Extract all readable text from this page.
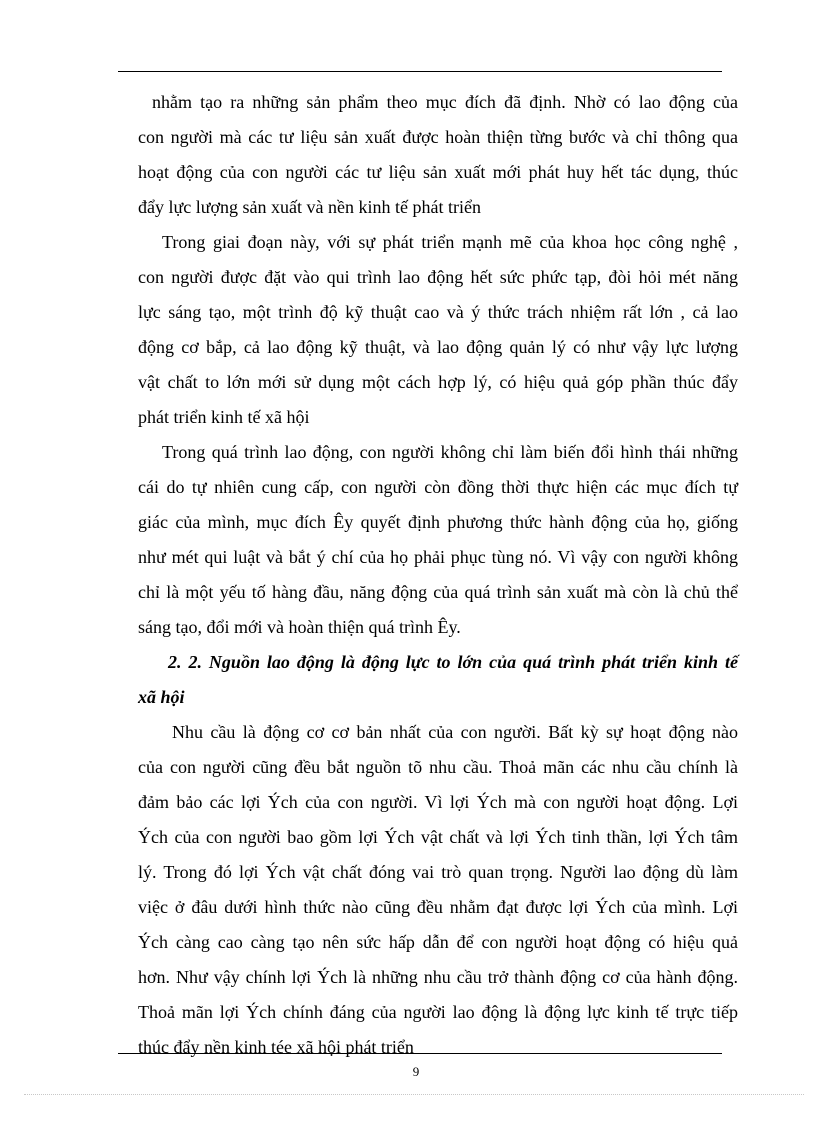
nhằm tạo ra những sản phẩm theo mục đích đã định. Nhờ có lao động của
con người mà các tư liệu sản xuất được hoàn thiện từng bước và chỉ thông qua
hoạt động của con người các tư liệu sản xuất mới phát huy hết tác dụng, thúc
đẩy lực lượng sản xuất và nền kinh tế phát triển
Trong giai đoạn này, với sự phát triển mạnh mẽ của khoa học công nghệ ,
con người được đặt vào qui trình lao động hết sức phức tạp, đòi hỏi mét năng
lực sáng tạo, một trình độ kỹ thuật cao và ý thức trách nhiệm rất lớn , cả lao
động cơ bắp, cả lao động kỹ thuật, và lao động quản lý có như vậy lực lượng
vật chất to lớn mới sử dụng một cách hợp lý, có hiệu quả góp phần thúc đẩy
phát triển kinh tế xã hội
Trong quá trình lao động, con người không chỉ làm biến đổi hình thái những
cái do tự nhiên cung cấp, con người còn đồng thời thực hiện các mục đích tự
giác của mình, mục đích Êy quyết định phương thức hành động của họ, giống
như mét qui luật và bắt ý chí của họ phải phục tùng nó. Vì vậy con người không
chỉ là một yếu tố hàng đầu, năng động của quá trình sản xuất mà còn là chủ thể
sáng tạo, đổi mới và hoàn thiện quá trình Êy.
2. 2. Nguồn lao động là động lực to lớn của quá trình phát triển kinh tế
xã hội
Nhu cầu là động cơ cơ bản nhất của con người. Bất kỳ sự hoạt động nào
của con người cũng đều bắt nguồn tõ nhu cầu. Thoả mãn các nhu cầu chính là
đảm bảo các lợi Ých của con người. Vì lợi Ých mà con người hoạt động. Lợi
Ých của con người bao gồm lợi Ých vật chất và lợi Ých tinh thần, lợi Ých tâm
lý. Trong đó lợi Ých vật chất đóng vai trò quan trọng. Người lao động dù làm
việc ở đâu dưới hình thức nào cũng đều nhằm đạt được lợi Ých của mình. Lợi
Ých càng cao càng tạo nên sức hấp dẫn để con người hoạt động có hiệu quả
hơn. Như vậy chính lợi Ých là những nhu cầu trở thành động cơ của hành động.
Thoả mãn lợi Ých chính đáng của người lao động là động lực kinh tế trực tiếp
thúc đẩy nền kinh tée xã hội phát triển
9
